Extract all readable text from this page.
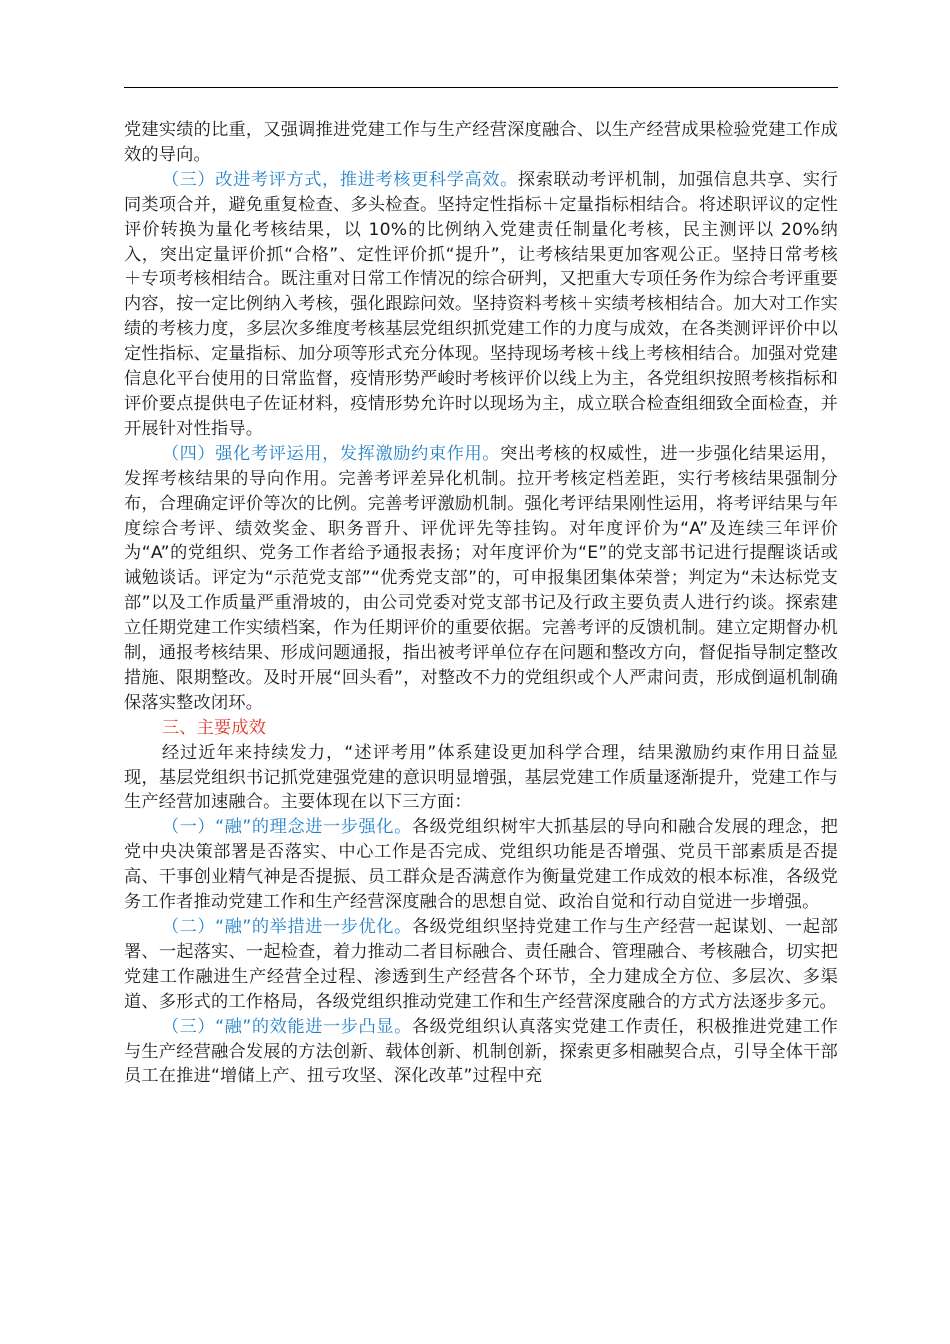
党建实绩的比重，又强调推进党建工作与生产经营深度融合、以生产经营成果检验党建工作成效的导向。

（三）改进考评方式，推进考核更科学高效。探索联动考评机制，加强信息共享、实行同类项合并，避免重复检查、多头检查。坚持定性指标＋定量指标相结合。将述职评议的定性评价转换为量化考核结果，以 10%的比例纳入党建责任制量化考核，民主测评以 20%纳入，突出定量评价抓“合格”、定性评价抓“提升”，让考核结果更加客观公正。坚持日常考核＋专项考核相结合。既注重对日常工作情况的综合研判，又把重大专项任务作为综合考评重要内容，按一定比例纳入考核，强化跟踪问效。坚持资料考核＋实绩考核相结合。加大对工作实绩的考核力度，多层次多维度考核基层党组织抓党建工作的力度与成效，在各类测评评价中以定性指标、定量指标、加分项等形式充分体现。坚持现场考核＋线上考核相结合。加强对党建信息化平台使用的日常监督，疫情形势严峻时考核评价以线上为主，各党组织按照考核指标和评价要点提供电子佐证材料，疫情形势允许时以现场为主，成立联合检查组细致全面检查，并开展针对性指导。

（四）强化考评运用，发挥激励约束作用。突出考核的权威性，进一步强化结果运用，发挥考核结果的导向作用。完善考评差异化机制。拉开考核定档差距，实行考核结果强制分布，合理确定评价等次的比例。完善考评激励机制。强化考评结果刚性运用，将考评结果与年度综合考评、绩效奖金、职务晋升、评优评先等挂钩。对年度评价为“A”及连续三年评价为“A”的党组织、党务工作者给予通报表扬；对年度评价为“E”的党支部书记进行提醒谈话或诫勉谈话。评定为“示范党支部”“优秀党支部”的，可申报集团集体荣誉；判定为“未达标党支部”以及工作质量严重滑坡的，由公司党委对党支部书记及行政主要负责人进行约谈。探索建立任期党建工作实绩档案，作为任期评价的重要依据。完善考评的反馈机制。建立定期督办机制，通报考核结果、形成问题通报，指出被考评单位存在问题和整改方向，督促指导制定整改措施、限期整改。及时开展“回头看”，对整改不力的党组织或个人严肃问责，形成倒逼机制确保落实整改闭环。

三、主要成效

经过近年来持续发力，“述评考用”体系建设更加科学合理，结果激励约束作用日益显现，基层党组织书记抓党建强党建的意识明显增强，基层党建工作质量逐渐提升，党建工作与生产经营加速融合。主要体现在以下三方面：

（一）“融”的理念进一步强化。各级党组织树牢大抓基层的导向和融合发展的理念，把党中央决策部署是否落实、中心工作是否完成、党组织功能是否增强、党员干部素质是否提高、干事创业精气神是否提振、员工群众是否满意作为衡量党建工作成效的根本标准，各级党务工作者推动党建工作和生产经营深度融合的思想自觉、政治自觉和行动自觉进一步增强。

（二）“融”的举措进一步优化。各级党组织坚持党建工作与生产经营一起谋划、一起部署、一起落实、一起检查，着力推动二者目标融合、责任融合、管理融合、考核融合，切实把党建工作融进生产经营全过程、渗透到生产经营各个环节，全力建成全方位、多层次、多渠道、多形式的工作格局，各级党组织推动党建工作和生产经营深度融合的方式方法逐步多元。

（三）“融”的效能进一步凸显。各级党组织认真落实党建工作责任，积极推进党建工作与生产经营融合发展的方法创新、载体创新、机制创新，探索更多相融契合点，引导全体干部员工在推进“增储上产、扭亏攻坚、深化改革”过程中充
